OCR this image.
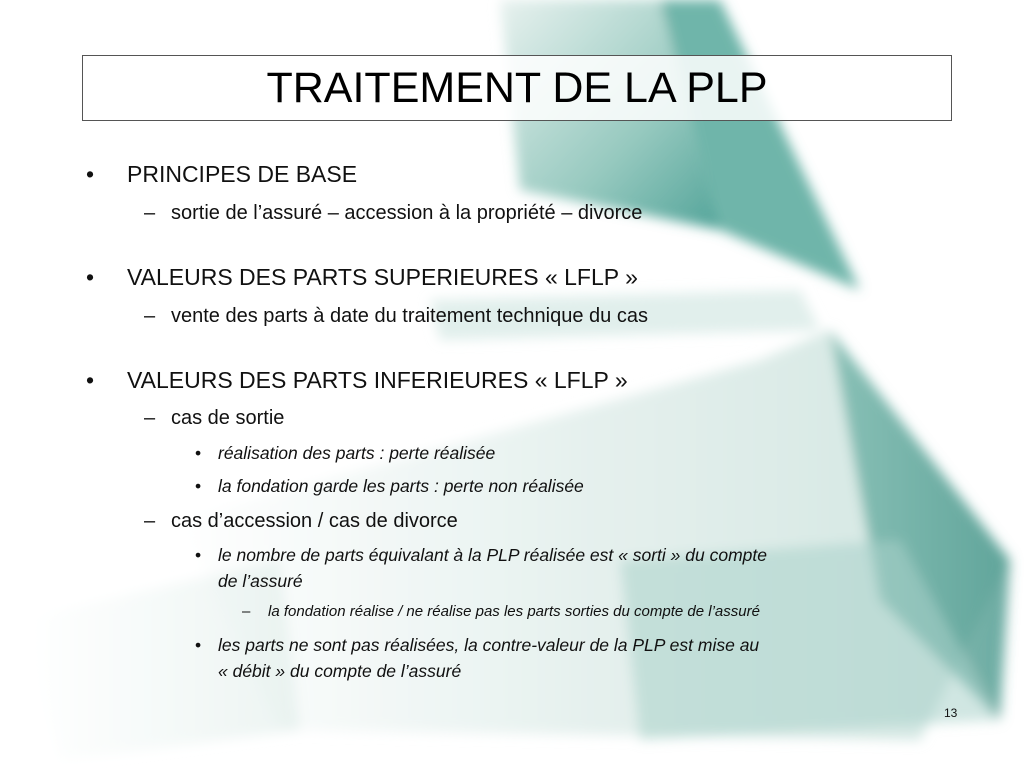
TRAITEMENT DE LA PLP
• PRINCIPES DE BASE
– sortie de l’assuré – accession à la propriété – divorce
• VALEURS DES PARTS SUPERIEURES « LFLP »
– vente des parts à date du traitement technique du cas
• VALEURS DES PARTS INFERIEURES « LFLP »
– cas de sortie
• réalisation des parts : perte réalisée
• la fondation garde les parts : perte non réalisée
– cas d’accession / cas de divorce
• le nombre de parts équivalant à la PLP réalisée est « sorti » du compte
de l’assuré
– la fondation réalise / ne réalise pas les parts sorties du compte de l’assuré
• les parts ne sont pas réalisées, la contre-valeur de la PLP est mise au
« débit » du compte de l’assuré
13
